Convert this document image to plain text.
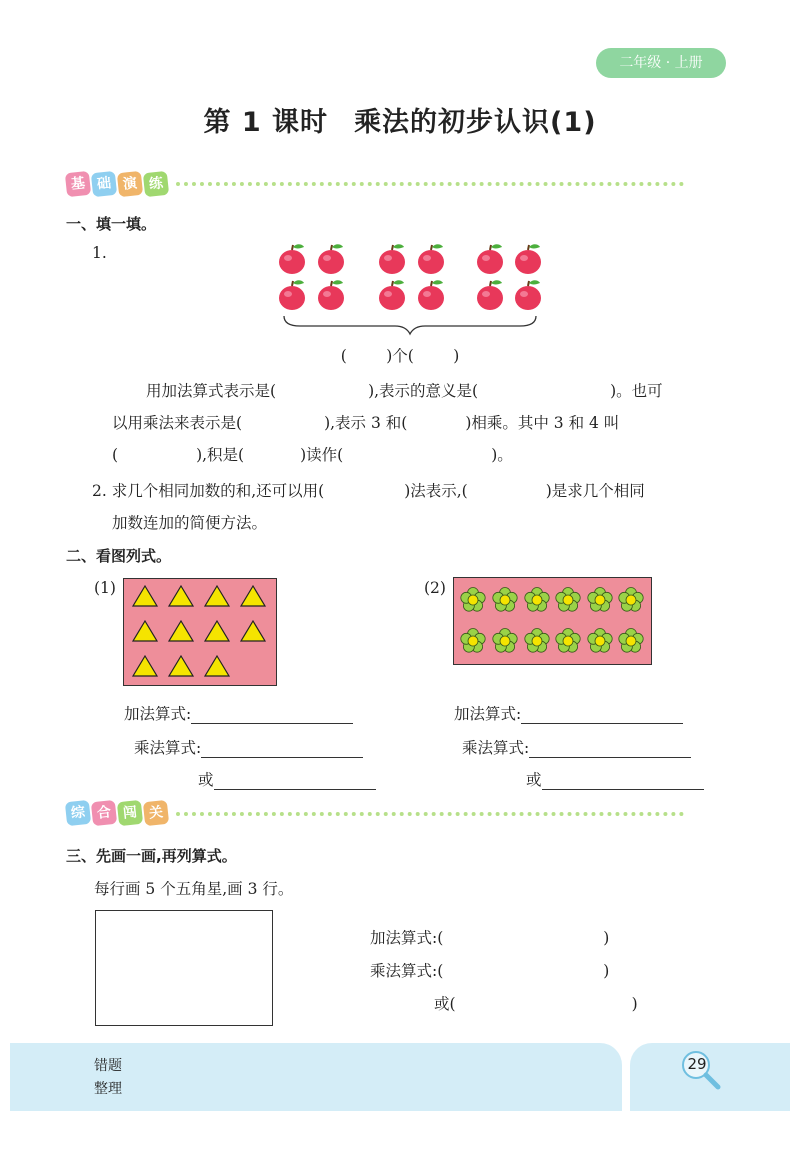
二年级 · 上册
第 1 课时 乘法的初步认识(1)
基 础 演 练
一、填一填。
1.
(        )个(        )
用加法算式表示是(	),表示的意义是(	)。也可
以用乘法来表示是(	),表示 3 和(	)相乘。其中 3 和 4 叫
(	),积是(	)读作(	)。
2. 求几个相同加数的和,还可以用(	)法表示,(	)是求几个相同
加数连加的简便方法。
二、看图列式。
(1)	(2)
加法算式:
乘法算式:
或
加法算式:
乘法算式:
或
综 合 闯 关
三、先画一画,再列算式。
每行画 5 个五角星,画 3 行。
加法算式:(	)
乘法算式:(	)
或(	)
错题
整理
29
